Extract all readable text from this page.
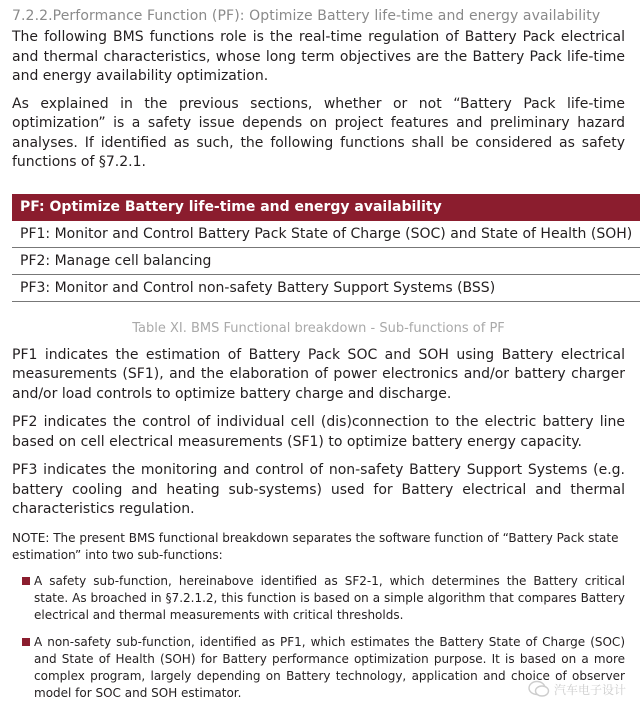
7.2.2.Performance Function (PF): Optimize Battery life-time and energy availability

The following BMS functions role is the real-time regulation of Battery Pack electrical and thermal characteristics, whose long term objectives are the Battery Pack life-time and energy availability optimization.

As explained in the previous sections, whether or not “Battery Pack life-time optimization” is a safety issue depends on project features and preliminary hazard analyses. If identified as such, the following functions shall be considered as safety functions of §7.2.1.

PF: Optimize Battery life-time and energy availability
PF1: Monitor and Control Battery Pack State of Charge (SOC) and State of Health (SOH)
PF2: Manage cell balancing
PF3: Monitor and Control non-safety Battery Support Systems (BSS)
Table XI. BMS Functional breakdown - Sub-functions of PF

PF1 indicates the estimation of Battery Pack SOC and SOH using Battery electrical measurements (SF1), and the elaboration of power electronics and/or battery charger and/or load controls to optimize battery charge and discharge.

PF2 indicates the control of individual cell (dis)connection to the electric battery line based on cell electrical measurements (SF1) to optimize battery energy capacity.

PF3 indicates the monitoring and control of non-safety Battery Support Systems (e.g. battery cooling and heating sub-systems) used for Battery electrical and thermal characteristics regulation.

NOTE: The present BMS functional breakdown separates the software function of “Battery Pack state estimation” into two sub-functions:
A safety sub-function, hereinabove identified as SF2-1, which determines the Battery critical state. As broached in §7.2.1.2, this function is based on a simple algorithm that compares Battery electrical and thermal measurements with critical thresholds.
A non-safety sub-function, identified as PF1, which estimates the Battery State of Charge (SOC) and State of Health (SOH) for Battery performance optimization purpose. It is based on a more complex program, largely depending on Battery technology, application and choice of observer model for SOC and SOH estimator.	汽车电子设计
